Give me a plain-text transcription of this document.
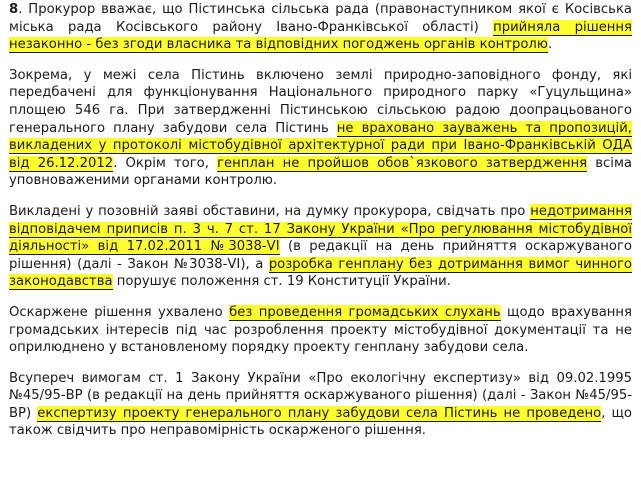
8. Прокурор вважає, що Пістинська сільська рада (правонаступником якої є Косівська міська рада Косівського району Івано-Франківської області) прийняла рішення незаконно - без згоди власника та відповідних погоджень органів контролю.

Зокрема, у межі села Пістинь включено землі природно-заповідного фонду, які передбачені для функціонування Національного природного парку «Гуцульщина» площею 546 га. При затвердженні Пістинською сільською радою доопрацьованого генерального плану забудови села Пістинь не враховано зауважень та пропозицій, викладених у протоколі містобудівної архітектурної ради при Івано-Франківській ОДА від 26.12.2012. Окрім того, генплан не пройшов обов`язкового затвердження всіма уповноваженими органами контролю.

Викладені у позовній заяві обставини, на думку прокурора, свідчать про недотримання відповідачем приписів п. 3 ч. 7 ст. 17 Закону України «Про регулювання містобудівної діяльності» від 17.02.2011 №3038-VI (в редакції на день прийняття оскаржуваного рішення) (далі - Закон №3038-VI), а розробка генплану без дотримання вимог чинного законодавства порушує положення ст. 19 Конституції України.

Оскаржене рішення ухвалено без проведення громадських слухань щодо врахування громадських інтересів під час розроблення проекту містобудівної документації та не оприлюднено у встановленому порядку проекту генплану забудови села.

Всупереч вимогам ст. 1 Закону України «Про екологічну експертизу» від 09.02.1995 №45/95-ВР (в редакції на день прийняття оскаржуваного рішення) (далі - Закон №45/95-ВР) експертизу проекту генерального плану забудови села Пістинь не проведено, що також свідчить про неправомірність оскарженого рішення.
